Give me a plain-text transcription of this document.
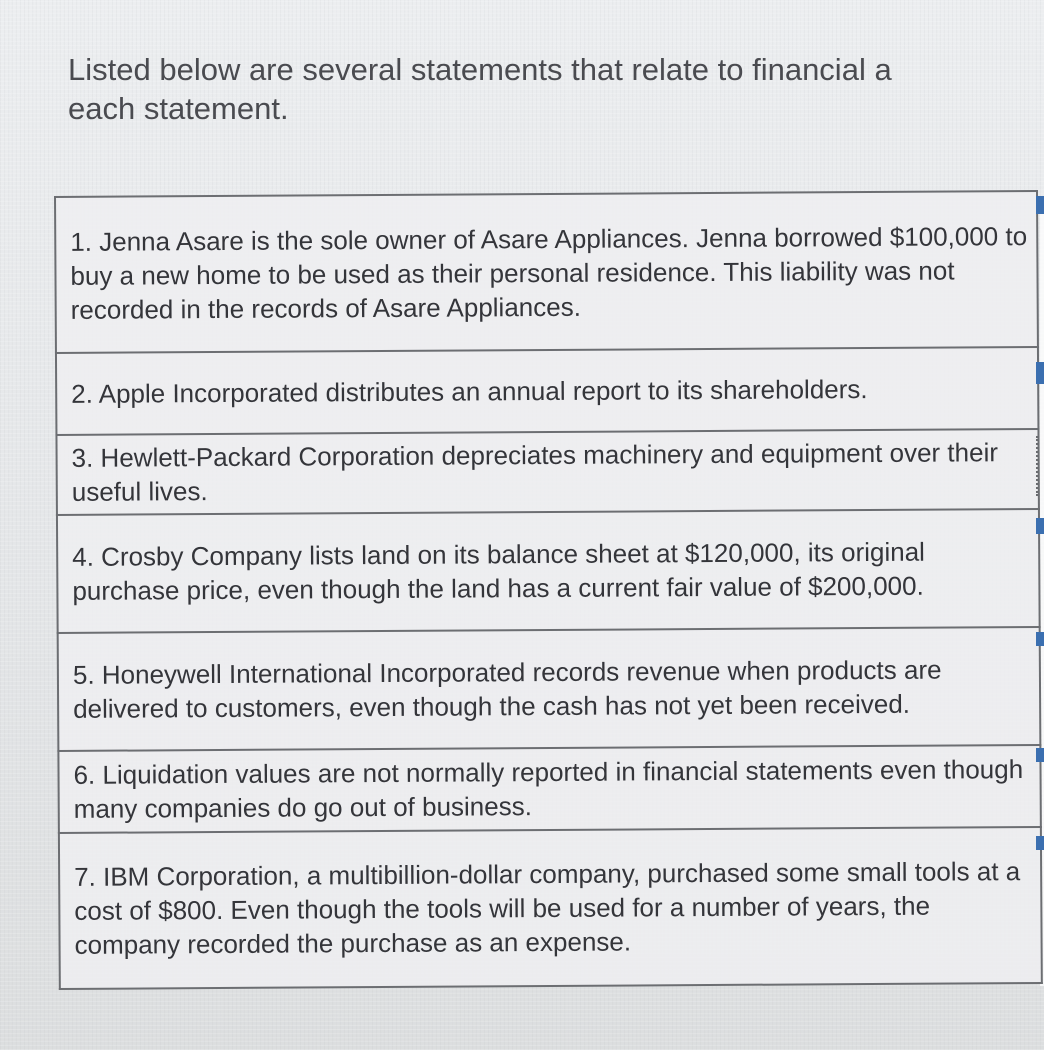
Listed below are several statements that relate to financial a
each statement.
1. Jenna Asare is the sole owner of Asare Appliances. Jenna borrowed $100,000 to buy a new home to be used as their personal residence. This liability was not recorded in the records of Asare Appliances.
2. Apple Incorporated distributes an annual report to its shareholders.
3. Hewlett-Packard Corporation depreciates machinery and equipment over their useful lives.
4. Crosby Company lists land on its balance sheet at $120,000, its original purchase price, even though the land has a current fair value of $200,000.
5. Honeywell International Incorporated records revenue when products are delivered to customers, even though the cash has not yet been received.
6. Liquidation values are not normally reported in financial statements even though many companies do go out of business.
7. IBM Corporation, a multibillion-dollar company, purchased some small tools at a cost of $800. Even though the tools will be used for a number of years, the company recorded the purchase as an expense.
